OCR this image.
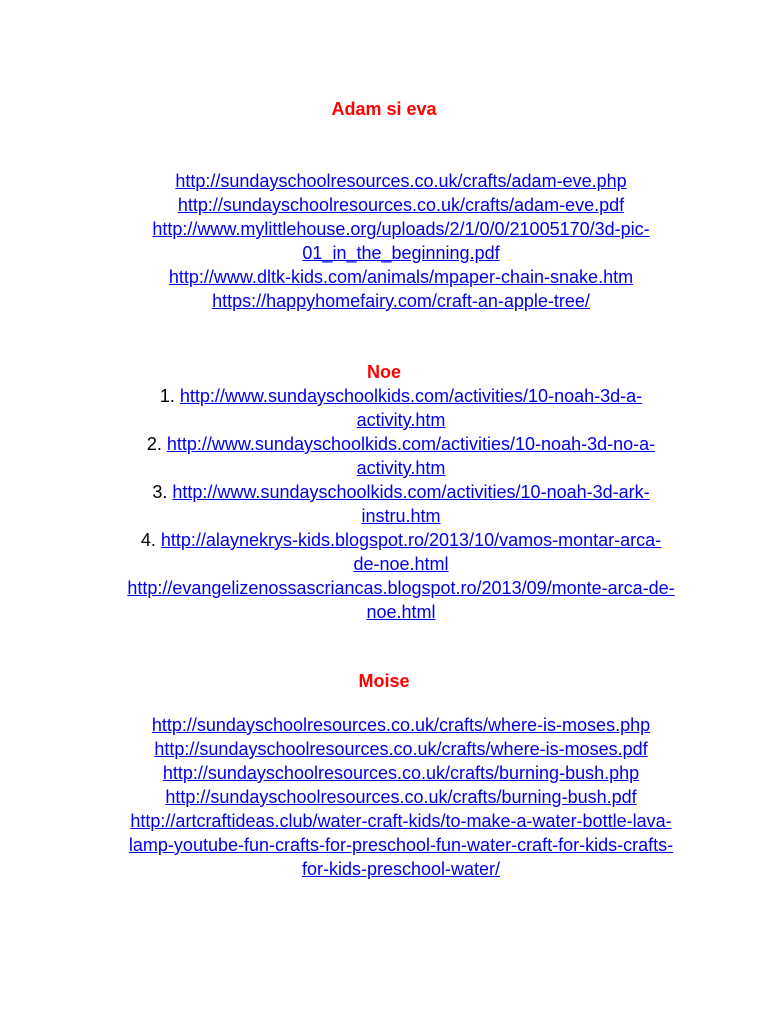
Adam si eva
http://sundayschoolresources.co.uk/crafts/adam-eve.php
http://sundayschoolresources.co.uk/crafts/adam-eve.pdf
http://www.mylittlehouse.org/uploads/2/1/0/0/21005170/3d-pic-
01_in_the_beginning.pdf
http://www.dltk-kids.com/animals/mpaper-chain-snake.htm
https://happyhomefairy.com/craft-an-apple-tree/
Noe
1. http://www.sundayschoolkids.com/activities/10-noah-3d-a-
activity.htm
2. http://www.sundayschoolkids.com/activities/10-noah-3d-no-a-
activity.htm
3. http://www.sundayschoolkids.com/activities/10-noah-3d-ark-
instru.htm
4. http://alaynekrys-kids.blogspot.ro/2013/10/vamos-montar-arca-
de-noe.html
http://evangelizenossascriancas.blogspot.ro/2013/09/monte-arca-de-
noe.html
Moise
http://sundayschoolresources.co.uk/crafts/where-is-moses.php
http://sundayschoolresources.co.uk/crafts/where-is-moses.pdf
http://sundayschoolresources.co.uk/crafts/burning-bush.php
http://sundayschoolresources.co.uk/crafts/burning-bush.pdf
http://artcraftideas.club/water-craft-kids/to-make-a-water-bottle-lava-
lamp-youtube-fun-crafts-for-preschool-fun-water-craft-for-kids-crafts-
for-kids-preschool-water/
